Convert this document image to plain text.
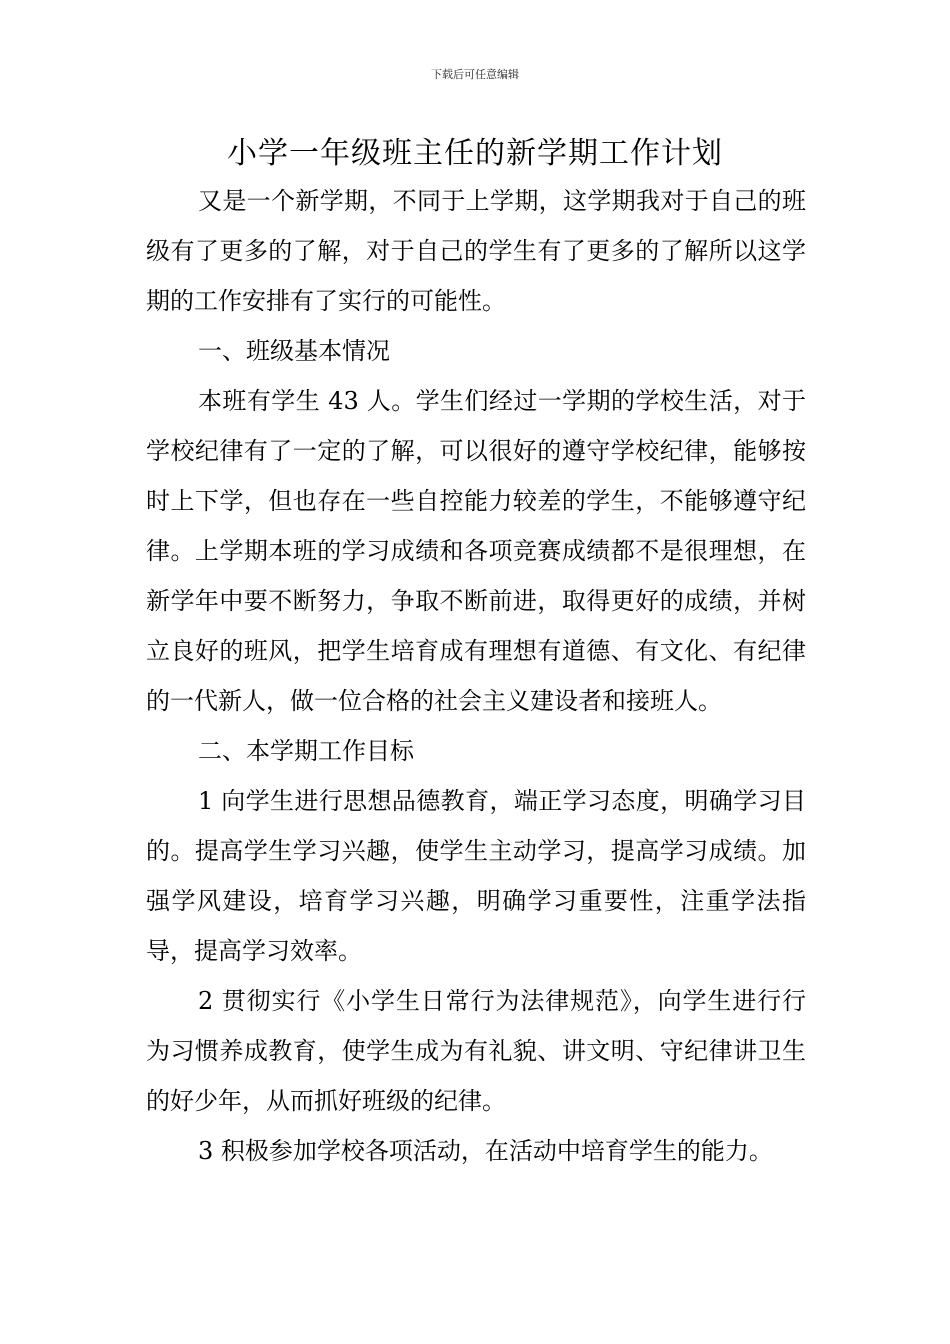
下载后可任意编辑
小学一年级班主任的新学期工作计划

又是一个新学期，不同于上学期，这学期我对于自己的班级有了更多的了解，对于自己的学生有了更多的了解所以这学期的工作安排有了实行的可能性。

一、班级基本情况

本班有学生 43 人。学生们经过一学期的学校生活，对于学校纪律有了一定的了解，可以很好的遵守学校纪律，能够按时上下学，但也存在一些自控能力较差的学生，不能够遵守纪律。上学期本班的学习成绩和各项竞赛成绩都不是很理想，在新学年中要不断努力，争取不断前进，取得更好的成绩，并树立良好的班风，把学生培育成有理想有道德、有文化、有纪律的一代新人，做一位合格的社会主义建设者和接班人。

二、本学期工作目标

1 向学生进行思想品德教育，端正学习态度，明确学习目的。提高学生学习兴趣，使学生主动学习，提高学习成绩。加强学风建设，培育学习兴趣，明确学习重要性，注重学法指导，提高学习效率。

2 贯彻实行《小学生日常行为法律规范》，向学生进行行为习惯养成教育，使学生成为有礼貌、讲文明、守纪律讲卫生的好少年，从而抓好班级的纪律。

3 积极参加学校各项活动，在活动中培育学生的能力。
